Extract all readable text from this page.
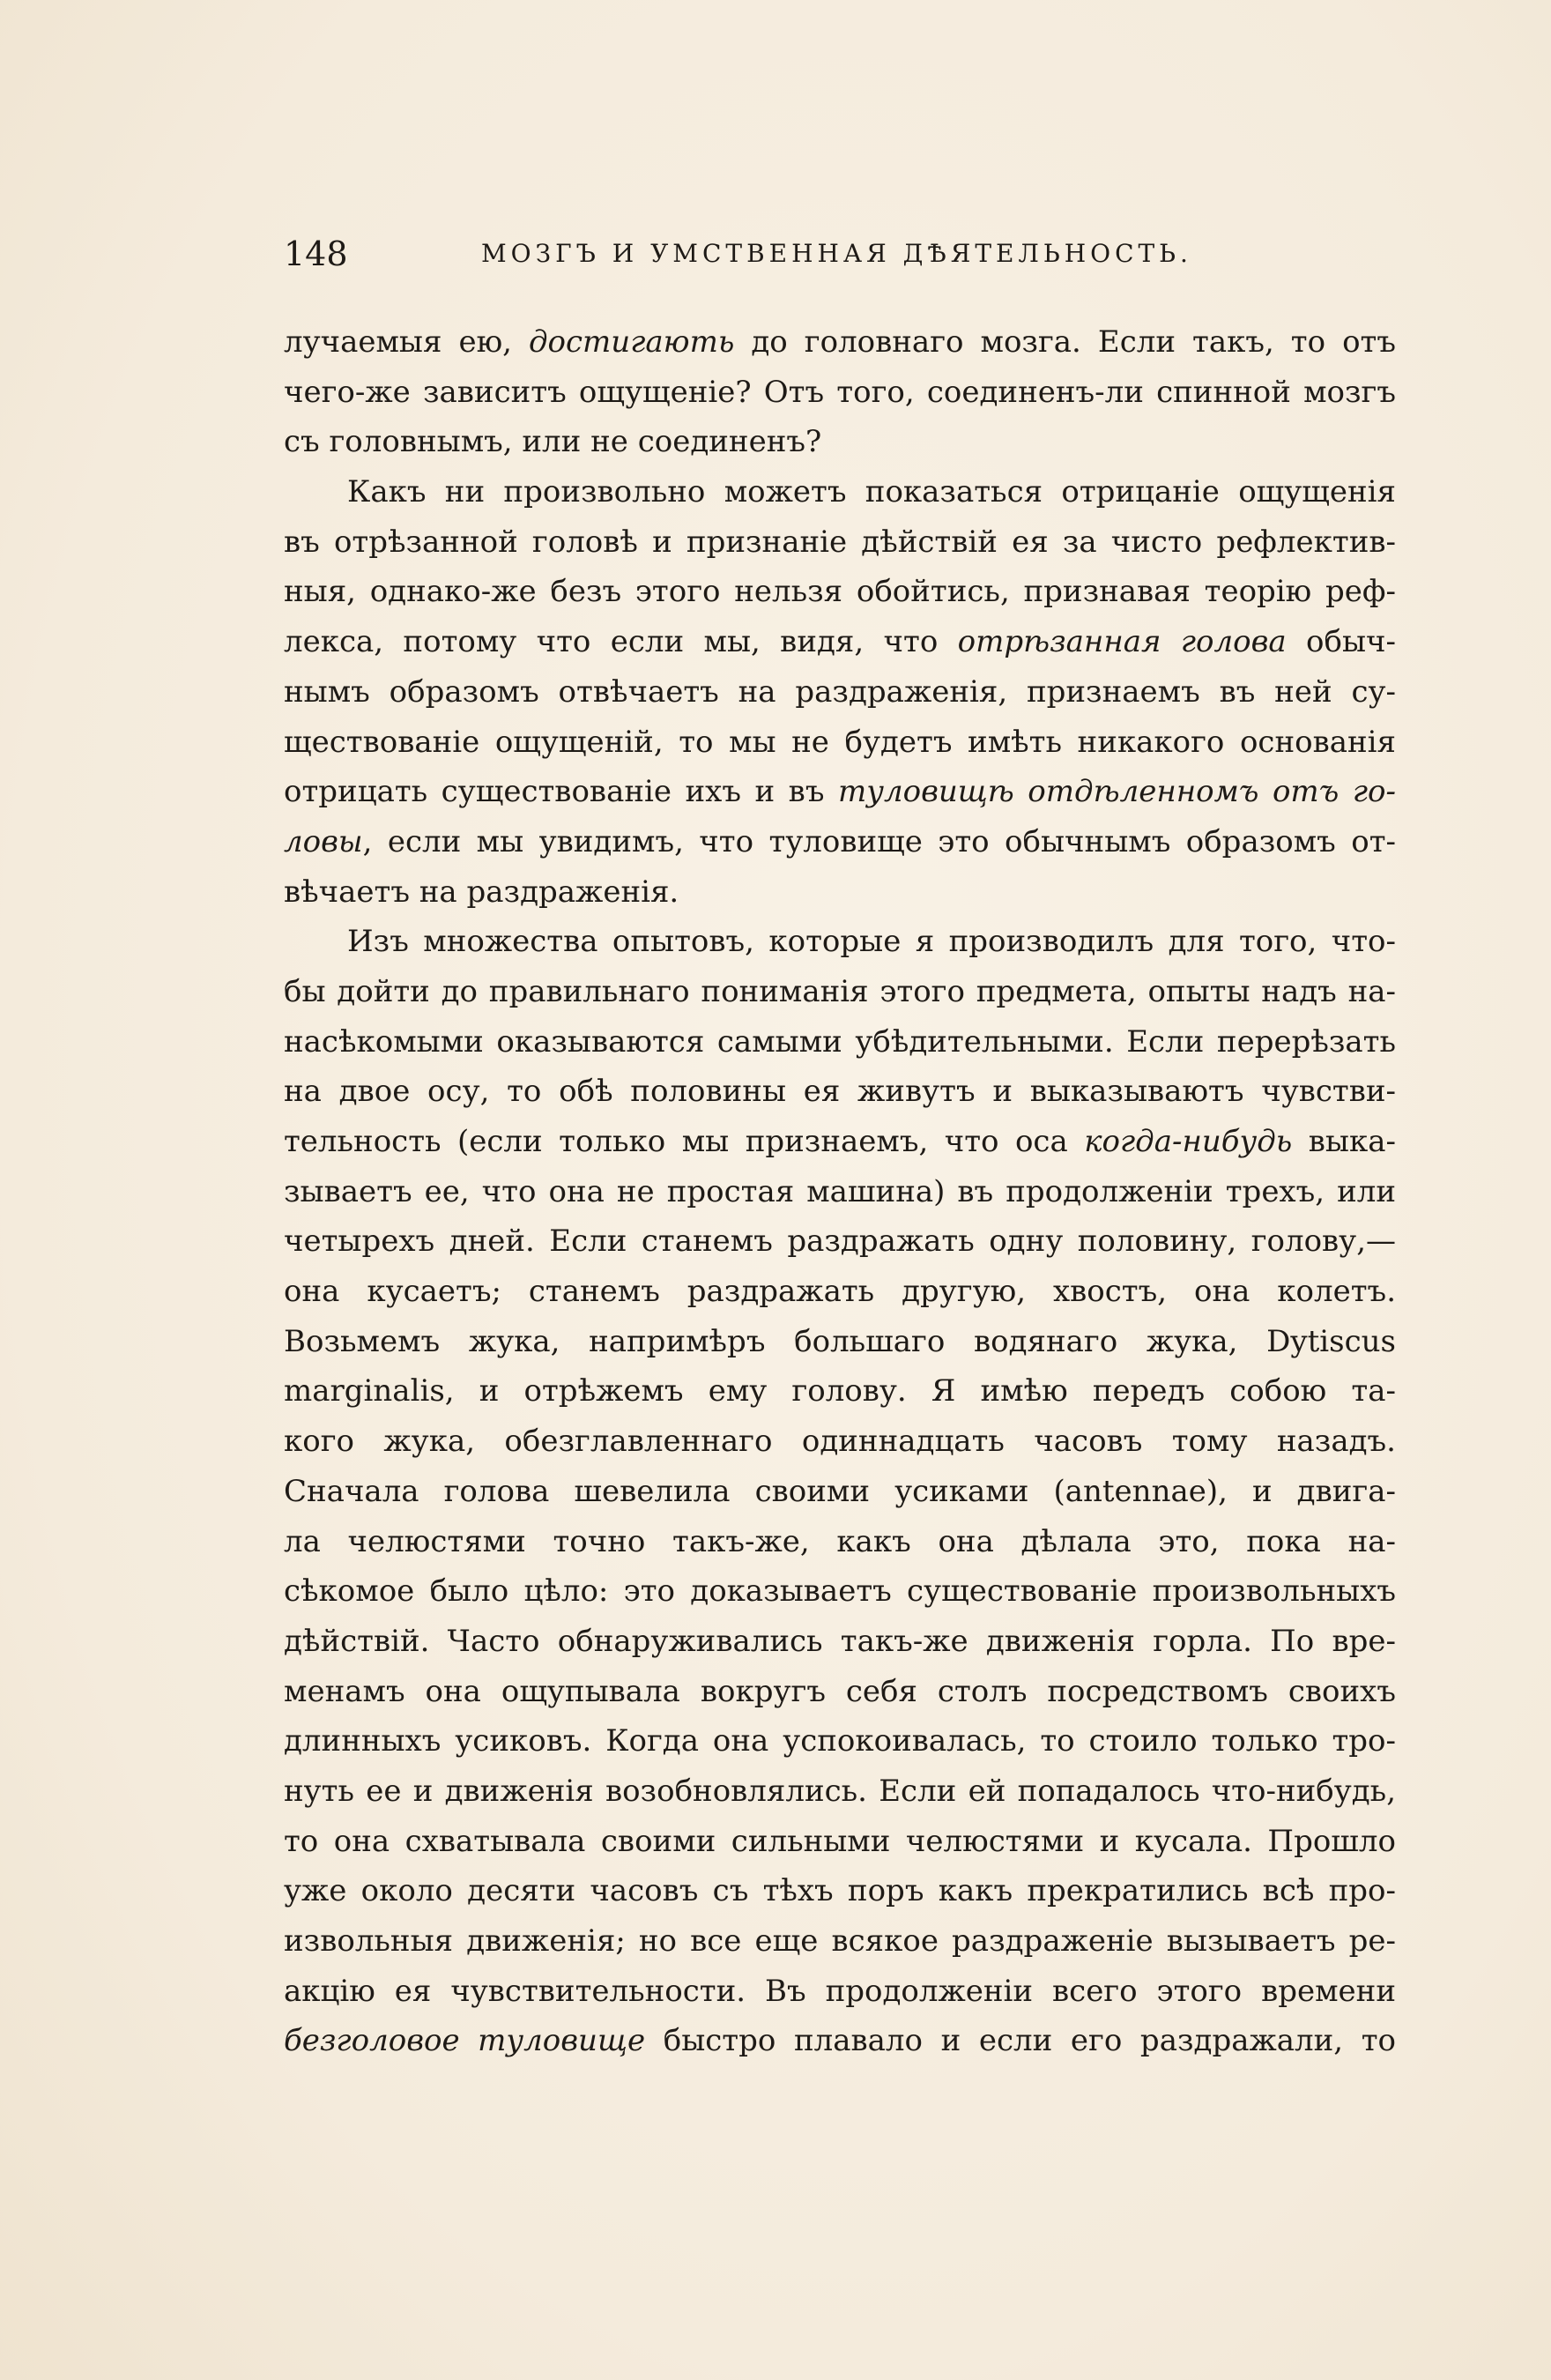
148	МОЗГЪ И УМСТВЕННАЯ ДѢЯТЕЛЬНОСТЬ.
лучаемыя ею, достигають до головнаго мозга. Если такъ, то отъ
чего-же зависитъ ощущеніе? Отъ того, соединенъ-ли спинной мозгъ
съ головнымъ, или не соединенъ?
Какъ ни произвольно можетъ показаться отрицаніе ощущенія
въ отрѣзанной головѣ и признаніе дѣйствій ея за чисто рефлектив-
ныя, однако-же безъ этого нельзя обойтись, признавая теорію реф-
лекса, потому что если мы, видя, что отрѣзанная голова обыч-
нымъ образомъ отвѣчаетъ на раздраженія, признаемъ въ ней су-
ществованіе ощущеній, то мы не будетъ имѣть никакого основанія
отрицать существованіе ихъ и въ туловищѣ отдѣленномъ отъ го-
ловы, если мы увидимъ, что туловище это обычнымъ образомъ от-
вѣчаетъ на раздраженія.
Изъ множества опытовъ, которые я производилъ для того, что-
бы дойти до правильнаго пониманія этого предмета, опыты надъ на-
насѣкомыми оказываются самыми убѣдительными. Если перерѣзать
на двое осу, то обѣ половины ея живутъ и выказываютъ чувстви-
тельность (если только мы признаемъ, что оса когда-нибудь выка-
зываетъ ее, что она не простая машина) въ продолженіи трехъ, или
четырехъ дней. Если станемъ раздражать одну половину, голову,—
она кусаетъ; станемъ раздражать другую, хвостъ, она колетъ.
Возьмемъ жука, напримѣръ большаго водянаго жука, Dytiscus
marginalis, и отрѣжемъ ему голову. Я имѣю передъ собою та-
кого жука, обезглавленнаго одиннадцать часовъ тому назадъ.
Сначала голова шевелила своими усиками (antennae), и двига-
ла челюстями точно такъ-же, какъ она дѣлала это, пока на-
сѣкомое было цѣло: это доказываетъ существованіе произвольныхъ
дѣйствій. Часто обнаруживались такъ-же движенія горла. По вре-
менамъ она ощупывала вокругъ себя столъ посредствомъ своихъ
длинныхъ усиковъ. Когда она успокоивалась, то стоило только тро-
нуть ее и движенія возобновлялись. Если ей попадалось что-нибудь,
то она схватывала своими сильными челюстями и кусала. Прошло
уже около десяти часовъ съ тѣхъ поръ какъ прекратились всѣ про-
извольныя движенія; но все еще всякое раздраженіе вызываетъ ре-
акцію ея чувствительности. Въ продолженіи всего этого времени
безголовое туловище быстро плавало и если его раздражали, то
